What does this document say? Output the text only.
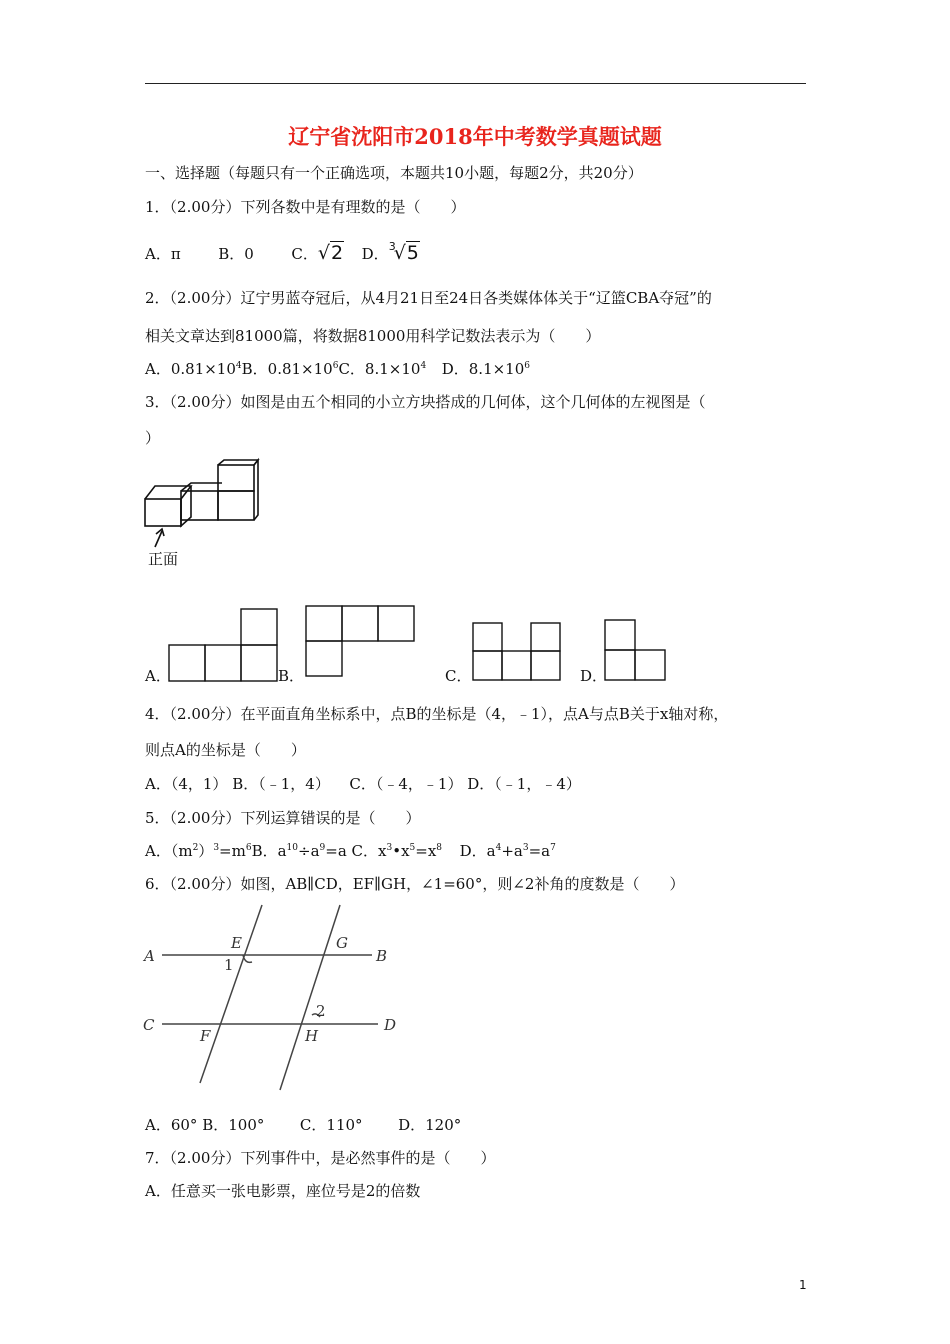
辽宁省沈阳市2018年中考数学真题试题
一、选择题（每题只有一个正确选项，本题共10小题，每题2分，共20分）
1．（2.00分）下列各数中是有理数的是（　　）
A．π	B．0	C．√2 D．$^3$√5
2．（2.00分）辽宁男蓝夺冠后，从4月21日至24日各类媒体体关于“辽篮CBA夺冠”的
相关文章达到81000篇，将数据81000用科学记数法表示为（　　）
A．$0.81\times 10^4B$．$0.81\times 10^6C$．$8.1\times 10^4$ D．$8.1\times 10^6$
3．（2.00分）如图是由五个相同的小立方块搭成的几何体，这个几何体的左视图是（
）
正面
A．	B．	C．	D．
4．（2.00分）在平面直角坐标系中，点B的坐标是（4，﹣1），点A与点B关于x轴对称，
则点A的坐标是（　　）
A．（4，1） B．（﹣1，4） C．（﹣4，﹣1） D．（﹣1，﹣4）
5．（2.00分）下列运算错误的是（　　）
A．$(m^2)^3=m^6B$．$a^{10}\div a^9=a$ C．$x^3•x^5=x^8$ D．$a^4+a^3=a^7$
6．（2.00分）如图，AB∥CD，EF∥GH，∠1=60°，则∠2补角的度数是（　　）
A	B
C	D
E	G
F	H
1
2
A．60° B．100° C．110° D．120°
7．（2.00分）下列事件中，是必然事件的是（　　）
A．任意买一张电影票，座位号是2的倍数
1
